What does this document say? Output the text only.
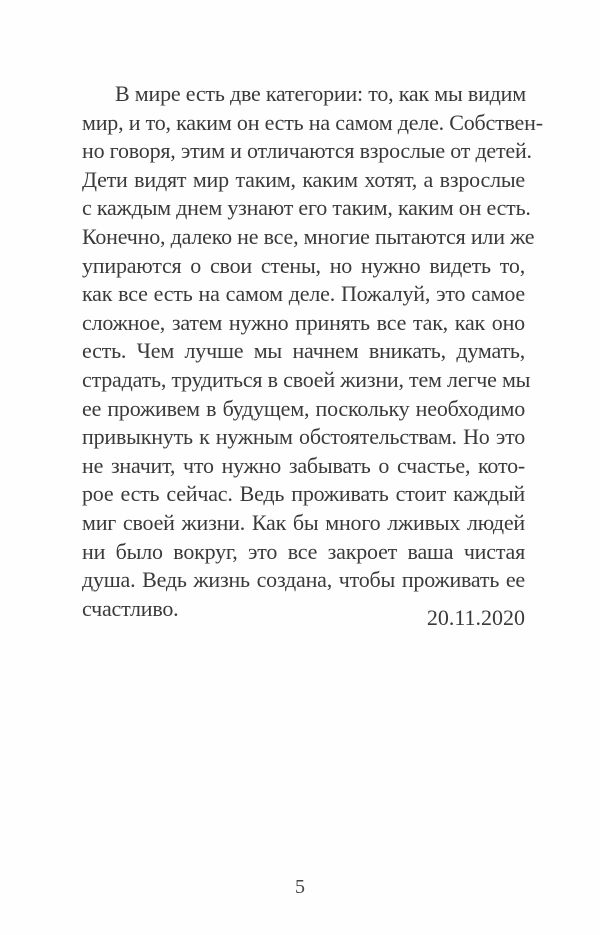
В мире есть две категории: то, как мы видим
мир, и то, каким он есть на самом деле. Собствен-
но говоря, этим и отличаются взрослые от детей.
Дети видят мир таким, каким хотят, а взрослые
с каждым днем узнают его таким, каким он есть.
Конечно, далеко не все, многие пытаются или же
упираются о свои стены, но нужно видеть то,
как все есть на самом деле. Пожалуй, это самое
сложное, затем нужно принять все так, как оно
есть. Чем лучше мы начнем вникать, думать,
страдать, трудиться в своей жизни, тем легче мы
ее проживем в будущем, поскольку необходимо
привыкнуть к нужным обстоятельствам. Но это
не значит, что нужно забывать о счастье, кото-
рое есть сейчас. Ведь проживать стоит каждый
миг своей жизни. Как бы много лживых людей
ни было вокруг, это все закроет ваша чистая
душа. Ведь жизнь создана, чтобы проживать ее
счастливо.	20.11.2020
5
